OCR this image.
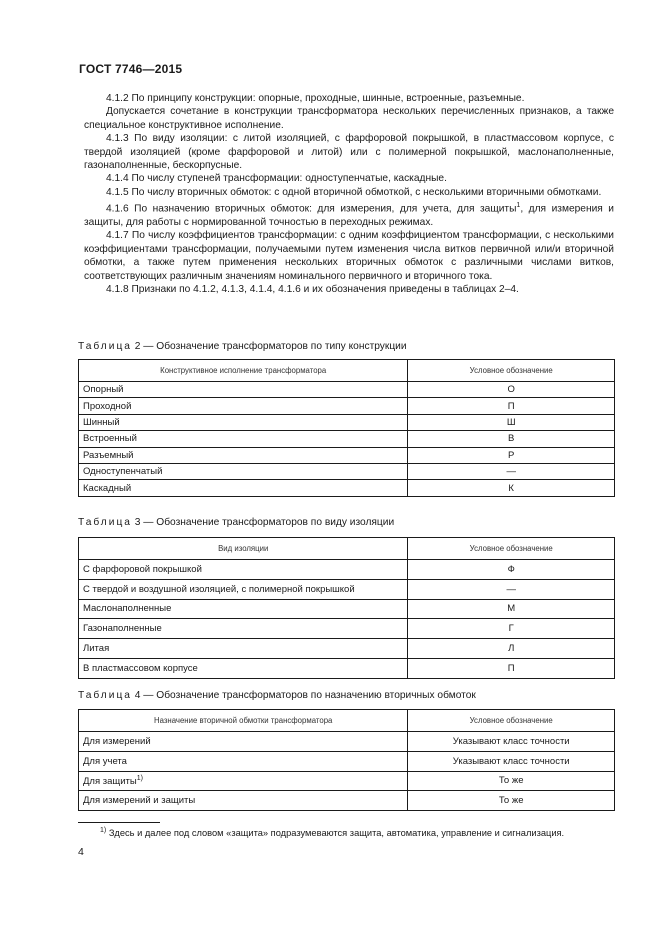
ГОСТ 7746—2015

4.1.2 По принципу конструкции: опорные, проходные, шинные, встроенные, разъемные.

Допускается сочетание в конструкции трансформатора нескольких перечисленных признаков, а также специальное конструктивное исполнение.

4.1.3 По виду изоляции: с литой изоляцией, с фарфоровой покрышкой, в пластмассовом корпусе, с твердой изоляцией (кроме фарфоровой и литой) или с полимерной покрышкой, маслонаполненные, газонаполненные, бескорпусные.

4.1.4 По числу ступеней трансформации: одноступенчатые, каскадные.

4.1.5 По числу вторичных обмоток: с одной вторичной обмоткой, с несколькими вторичными обмотками.

4.1.6 По назначению вторичных обмоток: для измерения, для учета, для защиты$^1$, для измерения и защиты, для работы с нормированной точностью в переходных режимах.

4.1.7 По числу коэффициентов трансформации: с одним коэффициентом трансформации, с несколькими коэффициентами трансформации, получаемыми путем изменения числа витков первичной или/и вторичной обмотки, а также путем применения нескольких вторичных обмоток с различными числами витков, соответствующих различным значениям номинального первичного и вторичного тока.

4.1.8 Признаки по 4.1.2, 4.1.3, 4.1.4, 4.1.6 и их обозначения приведены в таблицах 2–4.

Таблица 2 — Обозначение трансформаторов по типу конструкции
Конструктивное исполнение трансформатора	Условное обозначение
Опорный	О
Проходной	П
Шинный	Ш
Встроенный	В
Разъемный	Р
Одноступенчатый	—
Каскадный	К
Таблица 3 — Обозначение трансформаторов по виду изоляции
Вид изоляции	Условное обозначение
С фарфоровой покрышкой	Ф
С твердой и воздушной изоляцией, с полимерной покрышкой	—
Маслонаполненные	М
Газонаполненные	Г
Литая	Л
В пластмассовом корпусе	П
Таблица 4 — Обозначение трансформаторов по назначению вторичных обмоток
Назначение вторичной обмотки трансформатора	Условное обозначение
Для измерений	Указывают класс точности
Для учета	Указывают класс точности
Для защиты$^{1)}$	То же
Для измерений и защиты	То же
$^{1)}$ Здесь и далее под словом «защита» подразумеваются защита, автоматика, управление и сигнализация.
4
